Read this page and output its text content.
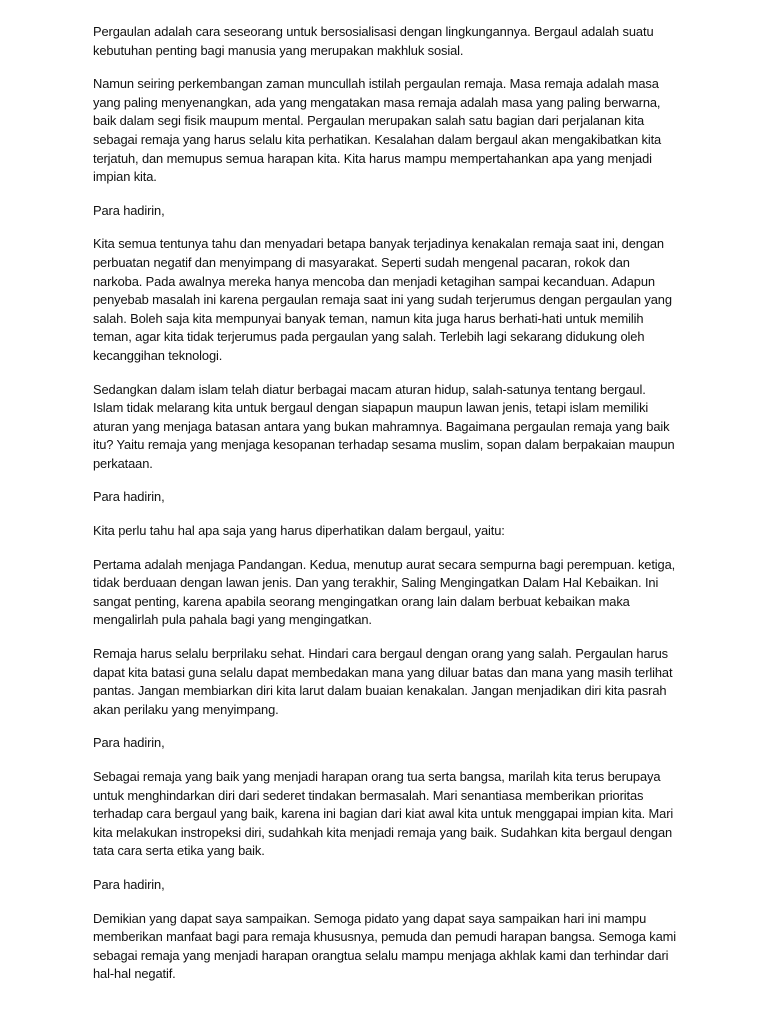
Pergaulan adalah cara seseorang untuk bersosialisasi dengan lingkungannya. Bergaul adalah suatu kebutuhan penting bagi manusia yang merupakan makhluk sosial.

Namun seiring perkembangan zaman muncullah istilah pergaulan remaja. Masa remaja adalah masa yang paling menyenangkan, ada yang mengatakan masa remaja adalah masa yang paling berwarna, baik dalam segi fisik maupum mental. Pergaulan merupakan salah satu bagian dari perjalanan kita sebagai remaja yang harus selalu kita perhatikan. Kesalahan dalam bergaul akan mengakibatkan kita terjatuh, dan memupus semua harapan kita. Kita harus mampu mempertahankan apa yang menjadi impian kita.

Para hadirin,

Kita semua tentunya tahu dan menyadari betapa banyak terjadinya kenakalan remaja saat ini, dengan perbuatan negatif dan menyimpang di masyarakat. Seperti sudah mengenal pacaran, rokok dan narkoba. Pada awalnya mereka hanya mencoba dan menjadi ketagihan sampai kecanduan. Adapun penyebab masalah ini karena pergaulan remaja saat ini yang sudah terjerumus dengan pergaulan yang salah. Boleh saja kita mempunyai banyak teman, namun kita juga harus berhati-hati untuk memilih teman, agar kita tidak terjerumus pada pergaulan yang salah. Terlebih lagi sekarang didukung oleh kecanggihan teknologi.

Sedangkan dalam islam telah diatur berbagai macam aturan hidup, salah-satunya tentang bergaul. Islam tidak melarang kita untuk bergaul dengan siapapun maupun lawan jenis, tetapi islam memiliki aturan yang menjaga batasan antara yang bukan mahramnya. Bagaimana pergaulan remaja yang baik itu? Yaitu remaja yang menjaga kesopanan terhadap sesama muslim, sopan dalam berpakaian maupun perkataan.

Para hadirin,

Kita perlu tahu hal apa saja yang harus diperhatikan dalam bergaul, yaitu:

Pertama adalah menjaga Pandangan. Kedua, menutup aurat secara sempurna bagi perempuan. ketiga, tidak berduaan dengan lawan jenis. Dan yang terakhir, Saling Mengingatkan Dalam Hal Kebaikan. Ini sangat penting, karena apabila seorang mengingatkan orang lain dalam berbuat kebaikan maka mengalirlah pula pahala bagi yang mengingatkan.

Remaja harus selalu berprilaku sehat. Hindari cara bergaul dengan orang yang salah. Pergaulan harus dapat kita batasi guna selalu dapat membedakan mana yang diluar batas dan mana yang masih terlihat pantas. Jangan membiarkan diri kita larut dalam buaian kenakalan. Jangan menjadikan diri kita pasrah akan perilaku yang menyimpang.

Para hadirin,

Sebagai remaja yang baik yang menjadi harapan orang tua serta bangsa, marilah kita terus berupaya untuk menghindarkan diri dari sederet tindakan bermasalah. Mari senantiasa memberikan prioritas terhadap cara bergaul yang baik, karena ini bagian dari kiat awal kita untuk menggapai impian kita. Mari kita melakukan instropeksi diri, sudahkah kita menjadi remaja yang baik. Sudahkan kita bergaul dengan tata cara serta etika yang baik.

Para hadirin,

Demikian yang dapat saya sampaikan. Semoga pidato yang dapat saya sampaikan hari ini mampu memberikan manfaat bagi para remaja khususnya, pemuda dan pemudi harapan bangsa. Semoga kami sebagai remaja yang menjadi harapan orangtua selalu mampu menjaga akhlak kami dan terhindar dari hal-hal negatif.
